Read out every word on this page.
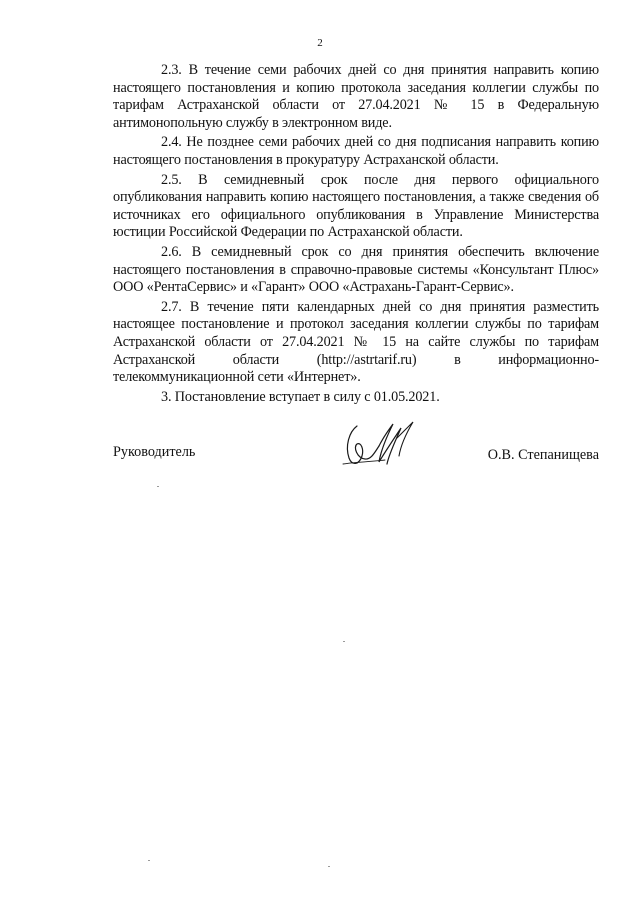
2

2.3. В течение семи рабочих дней со дня принятия направить копию настоящего постановления и копию протокола заседания коллегии службы по тарифам Астраханской области от 27.04.2021 № 15 в Федеральную антимонопольную службу в электронном виде.

2.4. Не позднее семи рабочих дней со дня подписания направить копию настоящего постановления в прокуратуру Астраханской области.

2.5. В семидневный срок после дня первого официального опубликования направить копию настоящего постановления, а также сведения об источниках его официального опубликования в Управление Министерства юстиции Российской Федерации по Астраханской области.

2.6. В семидневный срок со дня принятия обеспечить включение настоящего постановления в справочно-правовые системы «Консультант Плюс» ООО «РентаСервис» и «Гарант» ООО «Астрахань-Гарант-Сервис».

2.7. В течение пяти календарных дней со дня принятия разместить настоящее постановление и протокол заседания коллегии службы по тарифам Астраханской области от 27.04.2021 № 15 на сайте службы по тарифам Астраханской области (http://astrtarif.ru) в информационно-телекоммуникационной сети «Интернет».

3. Постановление вступает в силу с 01.05.2021.

Руководитель	О.В. Степанищева
